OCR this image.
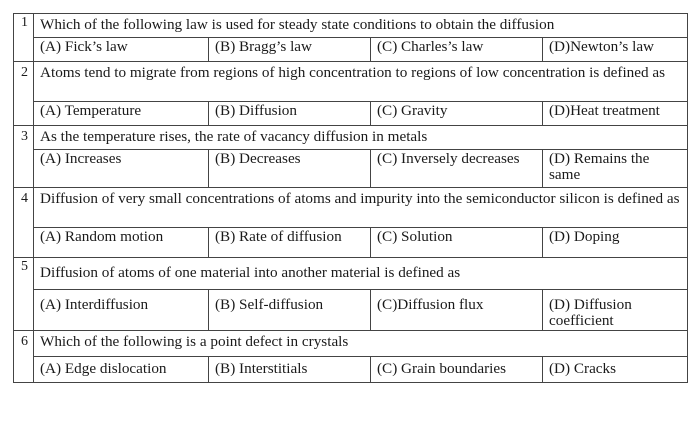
1	Which of the following law is used for steady state conditions to obtain the diffusion			
	(A) Fick’s law	(B) Bragg’s law	(C) Charles’s law	(D)Newton’s law
2	Atoms tend to migrate from regions of high concentration to regions of low concentration is defined as			
	(A) Temperature	(B) Diffusion	(C) Gravity	(D)Heat treatment
3	As the temperature rises, the rate of vacancy diffusion in metals			
	(A) Increases	(B) Decreases	(C) Inversely decreases	(D) Remains the same
4	Diffusion of very small concentrations of atoms and impurity into the semiconductor silicon is defined as			
	(A) Random motion	(B) Rate of diffusion	(C) Solution	(D) Doping
5	Diffusion of atoms of one material into another material is defined as			
	(A) Interdiffusion	(B) Self-diffusion	(C)Diffusion flux	(D) Diffusion coefficient
6	Which of the following is a point defect in crystals			
	(A) Edge dislocation	(B) Interstitials	(C) Grain boundaries	(D) Cracks
